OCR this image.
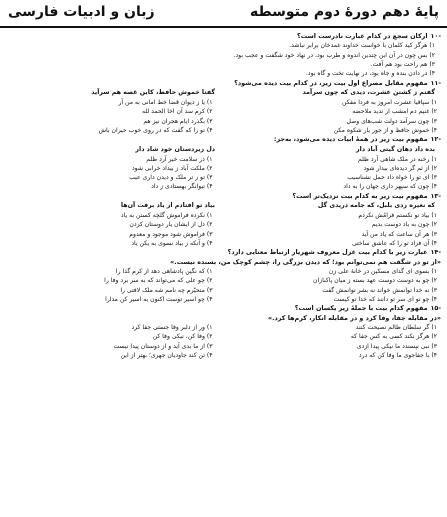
زبان و ادبیات فارسی	پایهٔ دهم دورهٔ دوم متوسطه
-۱۰ارکان سجع در کدام عبارت نادرست است؟
۱) هرگز کید کلمان با خواست خداوند غمدخان برابر نباشد.
۲) بس چون در آن این چندین اندوه و طرب بود، در نهاد خود شگفت و عجب بود.
۳) هم راحت بود هم آفت.
۴) در دادن بنده و جاه بود، در نهایت تخت و گاه بود.
-۱۱مفهوم مقابل مصراع اول بیت زیر، در کدام بیت دیده می‌شود؟
گفتم ز کشتن عشرت، دیدی که چون سرآمد
گفتا خموش حافظ، کاین غصه هم سرآید
۱) سپاقیا عشرت امروز به فردا مفکن
۱) یا ز دیوان قضا خط امانی به من آر
۲) غنیم دم امشب ار ندید ملاحضه
۲) کرم سد آن اخا الحمد لله
۳) چون سرآمد دولت شب‌های وصل
۳) بگذرد ایام هجران نیز هم
۴) خموش حافظ و از جور یار شکوه مکن
۴) تو را که گفت که در روی خوب حیران باش
-۱۲مفهوم بیت زیر در همهٔ ابیات دیده می‌شود، به‌جز:
بده داد دهان گیتی آباد دار
دل زیردستان خود شاد دار
۱) رخنه در ملک شاهی آرد ظلم
۱) در سلامت خیر آرد ظلم
۲) از ثم گر دیده‌ای بیدار شود
۲) ملکت آباد ز بیداد خرابی شود
۳) ای تو را خواه داد حمل نشناسیب
۳) تو ز تر ملک و دیدن داری عیب
۴) چون که سپهر داری جهان را به داد
۴) تیوانگر بهستادی ز داد
-۱۳مفهوم بیت زیر به کدام بیت نزدیک‌تر است؟
که نعیره زدی بلبل، که جامه دریدی گل
بیاد تو افتادم از یاد برفت آن‌ها
۱) بیاد تو نکستم فرامُش نکردم
۱) نکرده فراموش گلچه کستن به یاد
۲) چون به یاد دوست بدیم
۲) دل از ایشان یار دوستان کردن
۳) هر آن ساعت که یاد من آید
۳) فراموش شود موجود و معدوم
۴) آن فزاد تو را که عاشق ساختی
۴) و آنکه ز بیاد نسوی به یکن یاد
-۱۴عبارت زیر با کدام بیت غزل معروف شهریار ارتباط معنایی دارد؟
«از تو در شگفت هم نمی‌توانم بود؛ که دیدن بزرگی را، چشم کوچک من، بسنده نیست.»
۱) بسوی ای گدای مسکین در خانهٔ علی زن
۱) که نگین پادشاهی دهد از کرم گدا را
۲) چو به دوست دوست عهد بسته ز میان پاکبازان
۲) چو علی که می‌تواند که به سر برد وفا را
۳) نه خدا توانمش خواند نه بشر توانمش گفت
۳) متحیّرم چه نامم شه ملک لافتی را
۴) چو تو ای سر تو دانند که خدا تو کیست
۴) چو اسیر توست اکنون به اسیر کن مدارا
-۱۵مفهوم کدام بیت با جملهٔ زیر یکسان است؟
«در مقابله جفا، وفا کرد و در مقابله انکار، کرم‌ها کرد.»
۱) گر سلطان ظالم نصیحت کنند
۱) ور از دلبر وفا جستی جفا کرد
۲) هرگز نکند کسی به کس جفا که
۲) وفا کن، نیکی وفا کن
۳) نبی نپسندد ما نیکی پیدا ازدی
۳) از ما بدی آید و از دوستان پیدا نیست
۴) با جفاجوی ما وفا کن که درد
۴) تن کند جاودیان جهری؛ بهتر از این
